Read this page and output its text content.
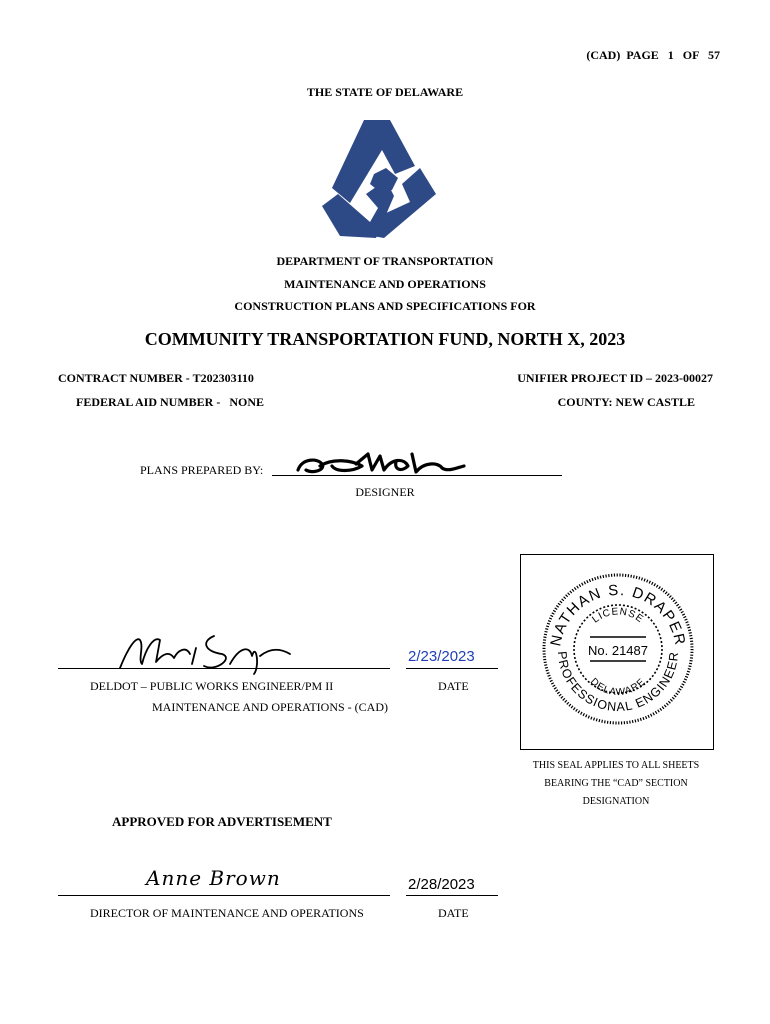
(CAD)  PAGE   1   OF   57
THE STATE OF DELAWARE
DEPARTMENT OF TRANSPORTATION
MAINTENANCE AND OPERATIONS
CONSTRUCTION PLANS AND SPECIFICATIONS FOR
COMMUNITY TRANSPORTATION FUND, NORTH X, 2023
CONTRACT NUMBER - T202303110	UNIFIER PROJECT ID – 2023-00027
FEDERAL AID NUMBER -   NONE	COUNTY: NEW CASTLE
PLANS PREPARED BY:
DESIGNER
2/23/2023
DELDOT – PUBLIC WORKS ENGINEER/PM II	DATE
MAINTENANCE AND OPERATIONS - (CAD)
NATHAN S. DRAPER
PROFESSIONAL ENGINEER
LICENSE
DELAWARE
No. 21487
THIS SEAL APPLIES TO ALL SHEETS
BEARING THE “CAD” SECTION
DESIGNATION
APPROVED FOR ADVERTISEMENT
Anne Brown	2/28/2023
DIRECTOR OF MAINTENANCE AND OPERATIONS	DATE
